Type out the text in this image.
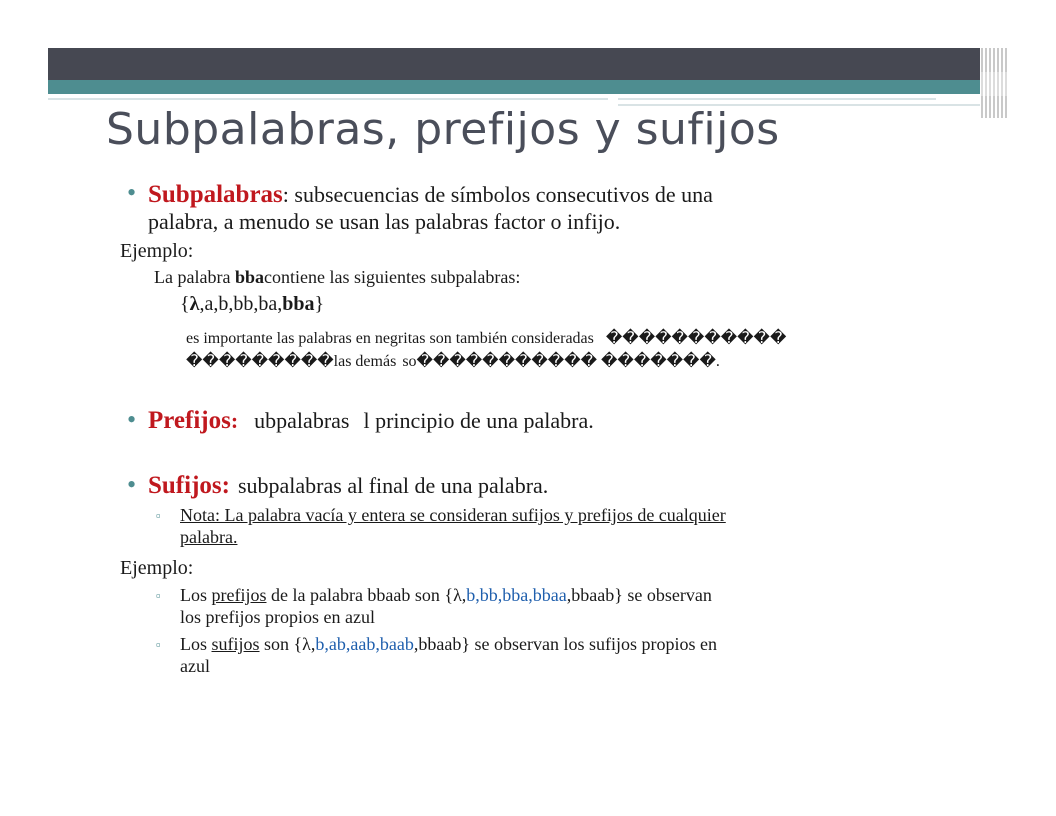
Subpalabras, prefijos y sufijos
• Subpalabras: subsecuencias de símbolos consecutivos de una
palabra, a menudo se usan las palabras factor o infijo.
Ejemplo:
La palabra bbacontiene las siguientes subpalabras:
{λ,a,b,bb,ba,bba}
es importante las palabras en negritas son también consideradas �����������
���������las demás so����������� �������.
• Prefijos: ubpalabras l principio de una palabra.
• Sufijos: subpalabras al final de una palabra.
▫ Nota: La palabra vacía y entera se consideran sufijos y prefijos de cualquier
palabra.
Ejemplo:
▫ Los prefijos de la palabra bbaab son {λ,b,bb,bba,bbaa,bbaab} se observan
los prefijos propios en azul
▫ Los sufijos son {λ,b,ab,aab,baab,bbaab} se observan los sufijos propios en
azul
